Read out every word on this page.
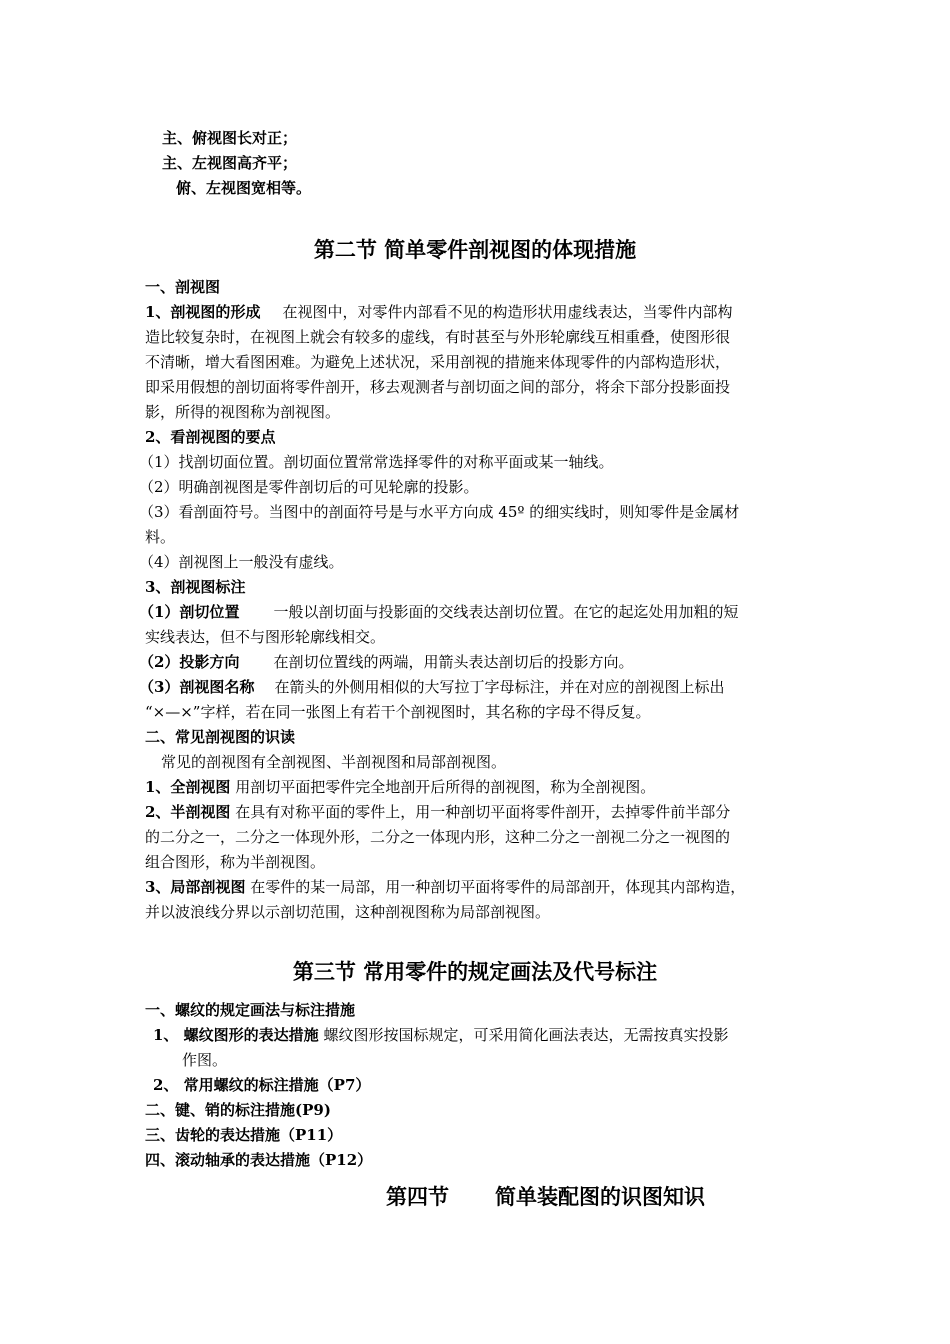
主、俯视图长对正；
主、左视图高齐平；
俯、左视图宽相等。
第二节 简单零件剖视图的体现措施
一、剖视图
1、剖视图的形成 在视图中，对零件内部看不见的构造形状用虚线表达，当零件内部构
造比较复杂时，在视图上就会有较多的虚线，有时甚至与外形轮廓线互相重叠，使图形很
不清晰，增大看图困难。为避免上述状况，采用剖视的措施来体现零件的内部构造形状，
即采用假想的剖切面将零件剖开，移去观测者与剖切面之间的部分，将余下部分投影面投
影，所得的视图称为剖视图。
2、看剖视图的要点
（1）找剖切面位置。剖切面位置常常选择零件的对称平面或某一轴线。
（2）明确剖视图是零件剖切后的可见轮廓的投影。
（3）看剖面符号。当图中的剖面符号是与水平方向成 45º 的细实线时，则知零件是金属材
料。
（4）剖视图上一般没有虚线。
3、剖视图标注
（1）剖切位置 一般以剖切面与投影面的交线表达剖切位置。在它的起迄处用加粗的短
实线表达，但不与图形轮廓线相交。
（2）投影方向 在剖切位置线的两端，用箭头表达剖切后的投影方向。
（3）剖视图名称 在箭头的外侧用相似的大写拉丁字母标注，并在对应的剖视图上标出
“×—×”字样，若在同一张图上有若干个剖视图时，其名称的字母不得反复。
二、常见剖视图的识读
常见的剖视图有全剖视图、半剖视图和局部剖视图。
1、全剖视图 用剖切平面把零件完全地剖开后所得的剖视图，称为全剖视图。
2、半剖视图 在具有对称平面的零件上，用一种剖切平面将零件剖开，去掉零件前半部分
的二分之一，二分之一体现外形，二分之一体现内形，这种二分之一剖视二分之一视图的
组合图形，称为半剖视图。
3、局部剖视图 在零件的某一局部，用一种剖切平面将零件的局部剖开，体现其内部构造，
并以波浪线分界以示剖切范围，这种剖视图称为局部剖视图。
第三节 常用零件的规定画法及代号标注
一、螺纹的规定画法与标注措施
1、 螺纹图形的表达措施 螺纹图形按国标规定，可采用简化画法表达，无需按真实投影
作图。
2、 常用螺纹的标注措施（P7）
二、键、销的标注措施(P9)
三、齿轮的表达措施（P11）
四、滚动轴承的表达措施（P12）
第四节 简单装配图的识图知识
